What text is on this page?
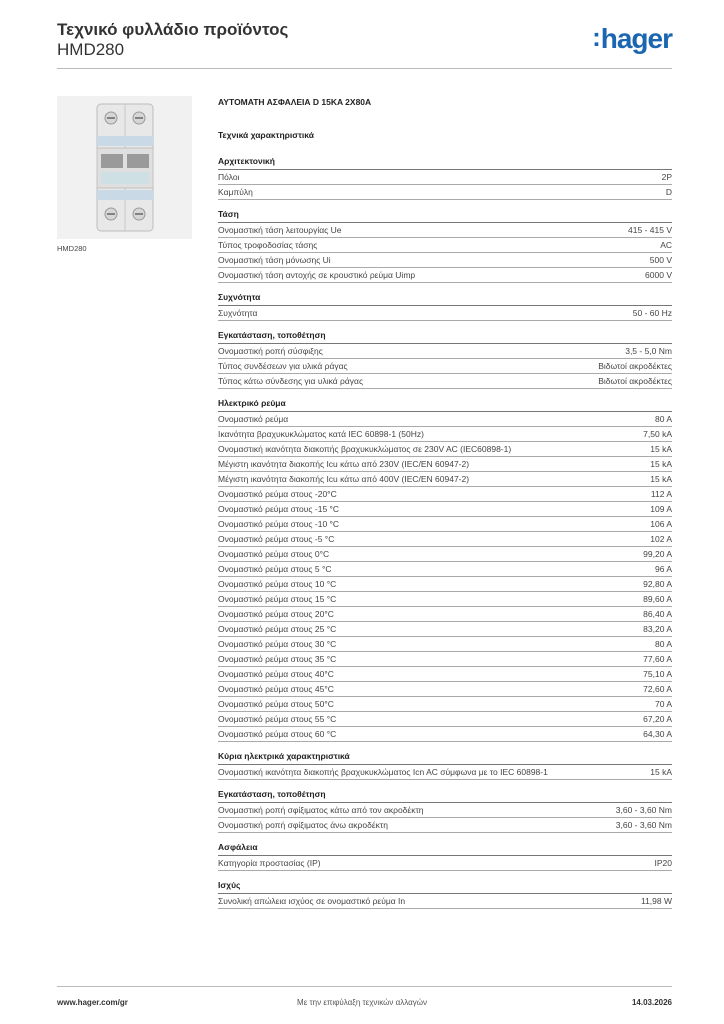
Τεχνικό φυλλάδιο προϊόντος
HMD280	:hager
HMD280
ΑΥΤΟΜΑΤΗ ΑΣΦΑΛΕΙΑ D 15KA 2X80A
Τεχνικά χαρακτηριστικά
Αρχιτεκτονική
Πόλοι	2P
Καμπύλη	D
Τάση
Ονομαστική τάση λειτουργίας Ue	415 - 415 V
Τύπος τροφοδοσίας τάσης	AC
Ονομαστική τάση μόνωσης Ui	500 V
Ονομαστική τάση αντοχής σε κρουστικό ρεύμα Uimp	6000 V
Συχνότητα
Συχνότητα	50 - 60 Hz
Εγκατάσταση, τοποθέτηση
Ονομαστική ροπή σύσφιξης	3,5 - 5,0 Nm
Τύπος συνδέσεων για υλικά ράγας	Βιδωτοί ακροδέκτες
Τύπος κάτω σύνδεσης για υλικά ράγας	Βιδωτοί ακροδέκτες
Ηλεκτρικό ρεύμα
Ονομαστικό ρεύμα	80 A
Ικανότητα βραχυκυκλώματος κατά IEC 60898-1 (50Hz)	7,50 kA
Ονομαστική ικανότητα διακοπής βραχυκυκλώματος σε 230V AC (IEC60898-1)	15 kA
Μέγιστη ικανότητα διακοπής Icu κάτω από 230V (IEC/EN 60947-2)	15 kA
Μέγιστη ικανότητα διακοπής Icu κάτω από 400V (IEC/EN 60947-2)	15 kA
Ονομαστικό ρεύμα στους -20°C	112 A
Ονομαστικό ρεύμα στους -15 °C	109 A
Ονομαστικό ρεύμα στους -10 °C	106 A
Ονομαστικό ρεύμα στους -5 °C	102 A
Ονομαστικό ρεύμα στους 0°C	99,20 A
Ονομαστικό ρεύμα στους 5 °C	96 A
Ονομαστικό ρεύμα στους 10 °C	92,80 A
Ονομαστικό ρεύμα στους 15 °C	89,60 A
Ονομαστικό ρεύμα στους 20°C	86,40 A
Ονομαστικό ρεύμα στους 25 °C	83,20 A
Ονομαστικό ρεύμα στους 30 °C	80 A
Ονομαστικό ρεύμα στους 35 °C	77,60 A
Ονομαστικό ρεύμα στους 40°C	75,10 A
Ονομαστικό ρεύμα στους 45°C	72,60 A
Ονομαστικό ρεύμα στους 50°C	70 A
Ονομαστικό ρεύμα στους 55 °C	67,20 A
Ονομαστικό ρεύμα στους 60 °C	64,30 A
Κύρια ηλεκτρικά χαρακτηριστικά
Ονομαστική ικανότητα διακοπής βραχυκυκλώματος Icn AC σύμφωνα με το IEC 60898-1	15 kA
Εγκατάσταση, τοποθέτηση
Ονομαστική ροπή σφίξιματος κάτω από τον ακροδέκτη	3,60 - 3,60 Nm
Ονομαστική ροπή σφίξιματος άνω ακροδέκτη	3,60 - 3,60 Nm
Ασφάλεια
Κατηγορία προστασίας (IP)	IP20
Ισχύς
Συνολική απώλεια ισχύος σε ονομαστικό ρεύμα In	11,98 W
Με την επιφύλαξη τεχνικών αλλαγών
www.hager.com/gr	14.03.2026
